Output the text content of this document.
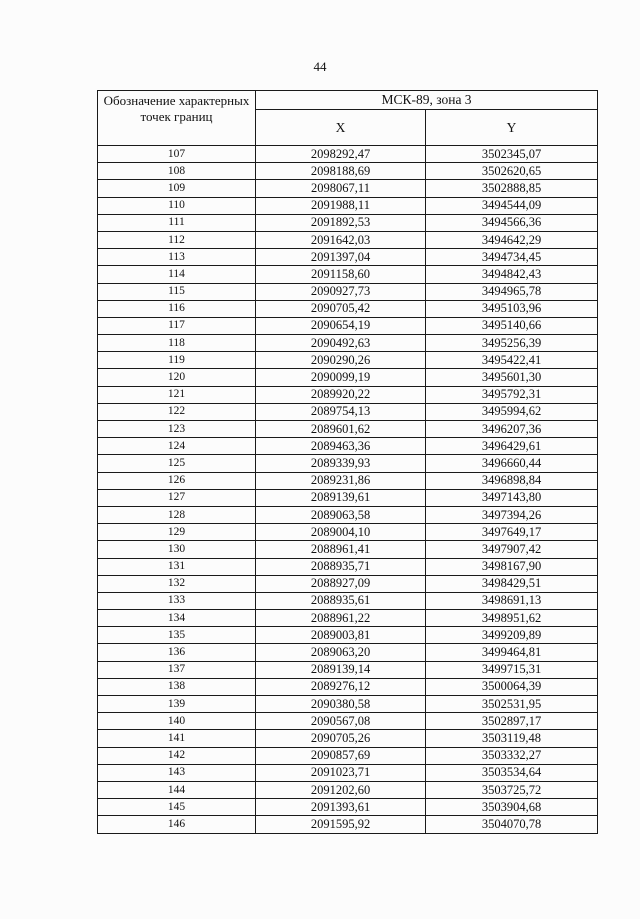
44
Обозначение характерных точек границ	МСК-89, зона 3	
	X	Y
107	2098292,47	3502345,07
108	2098188,69	3502620,65
109	2098067,11	3502888,85
110	2091988,11	3494544,09
111	2091892,53	3494566,36
112	2091642,03	3494642,29
113	2091397,04	3494734,45
114	2091158,60	3494842,43
115	2090927,73	3494965,78
116	2090705,42	3495103,96
117	2090654,19	3495140,66
118	2090492,63	3495256,39
119	2090290,26	3495422,41
120	2090099,19	3495601,30
121	2089920,22	3495792,31
122	2089754,13	3495994,62
123	2089601,62	3496207,36
124	2089463,36	3496429,61
125	2089339,93	3496660,44
126	2089231,86	3496898,84
127	2089139,61	3497143,80
128	2089063,58	3497394,26
129	2089004,10	3497649,17
130	2088961,41	3497907,42
131	2088935,71	3498167,90
132	2088927,09	3498429,51
133	2088935,61	3498691,13
134	2088961,22	3498951,62
135	2089003,81	3499209,89
136	2089063,20	3499464,81
137	2089139,14	3499715,31
138	2089276,12	3500064,39
139	2090380,58	3502531,95
140	2090567,08	3502897,17
141	2090705,26	3503119,48
142	2090857,69	3503332,27
143	2091023,71	3503534,64
144	2091202,60	3503725,72
145	2091393,61	3503904,68
146	2091595,92	3504070,78
